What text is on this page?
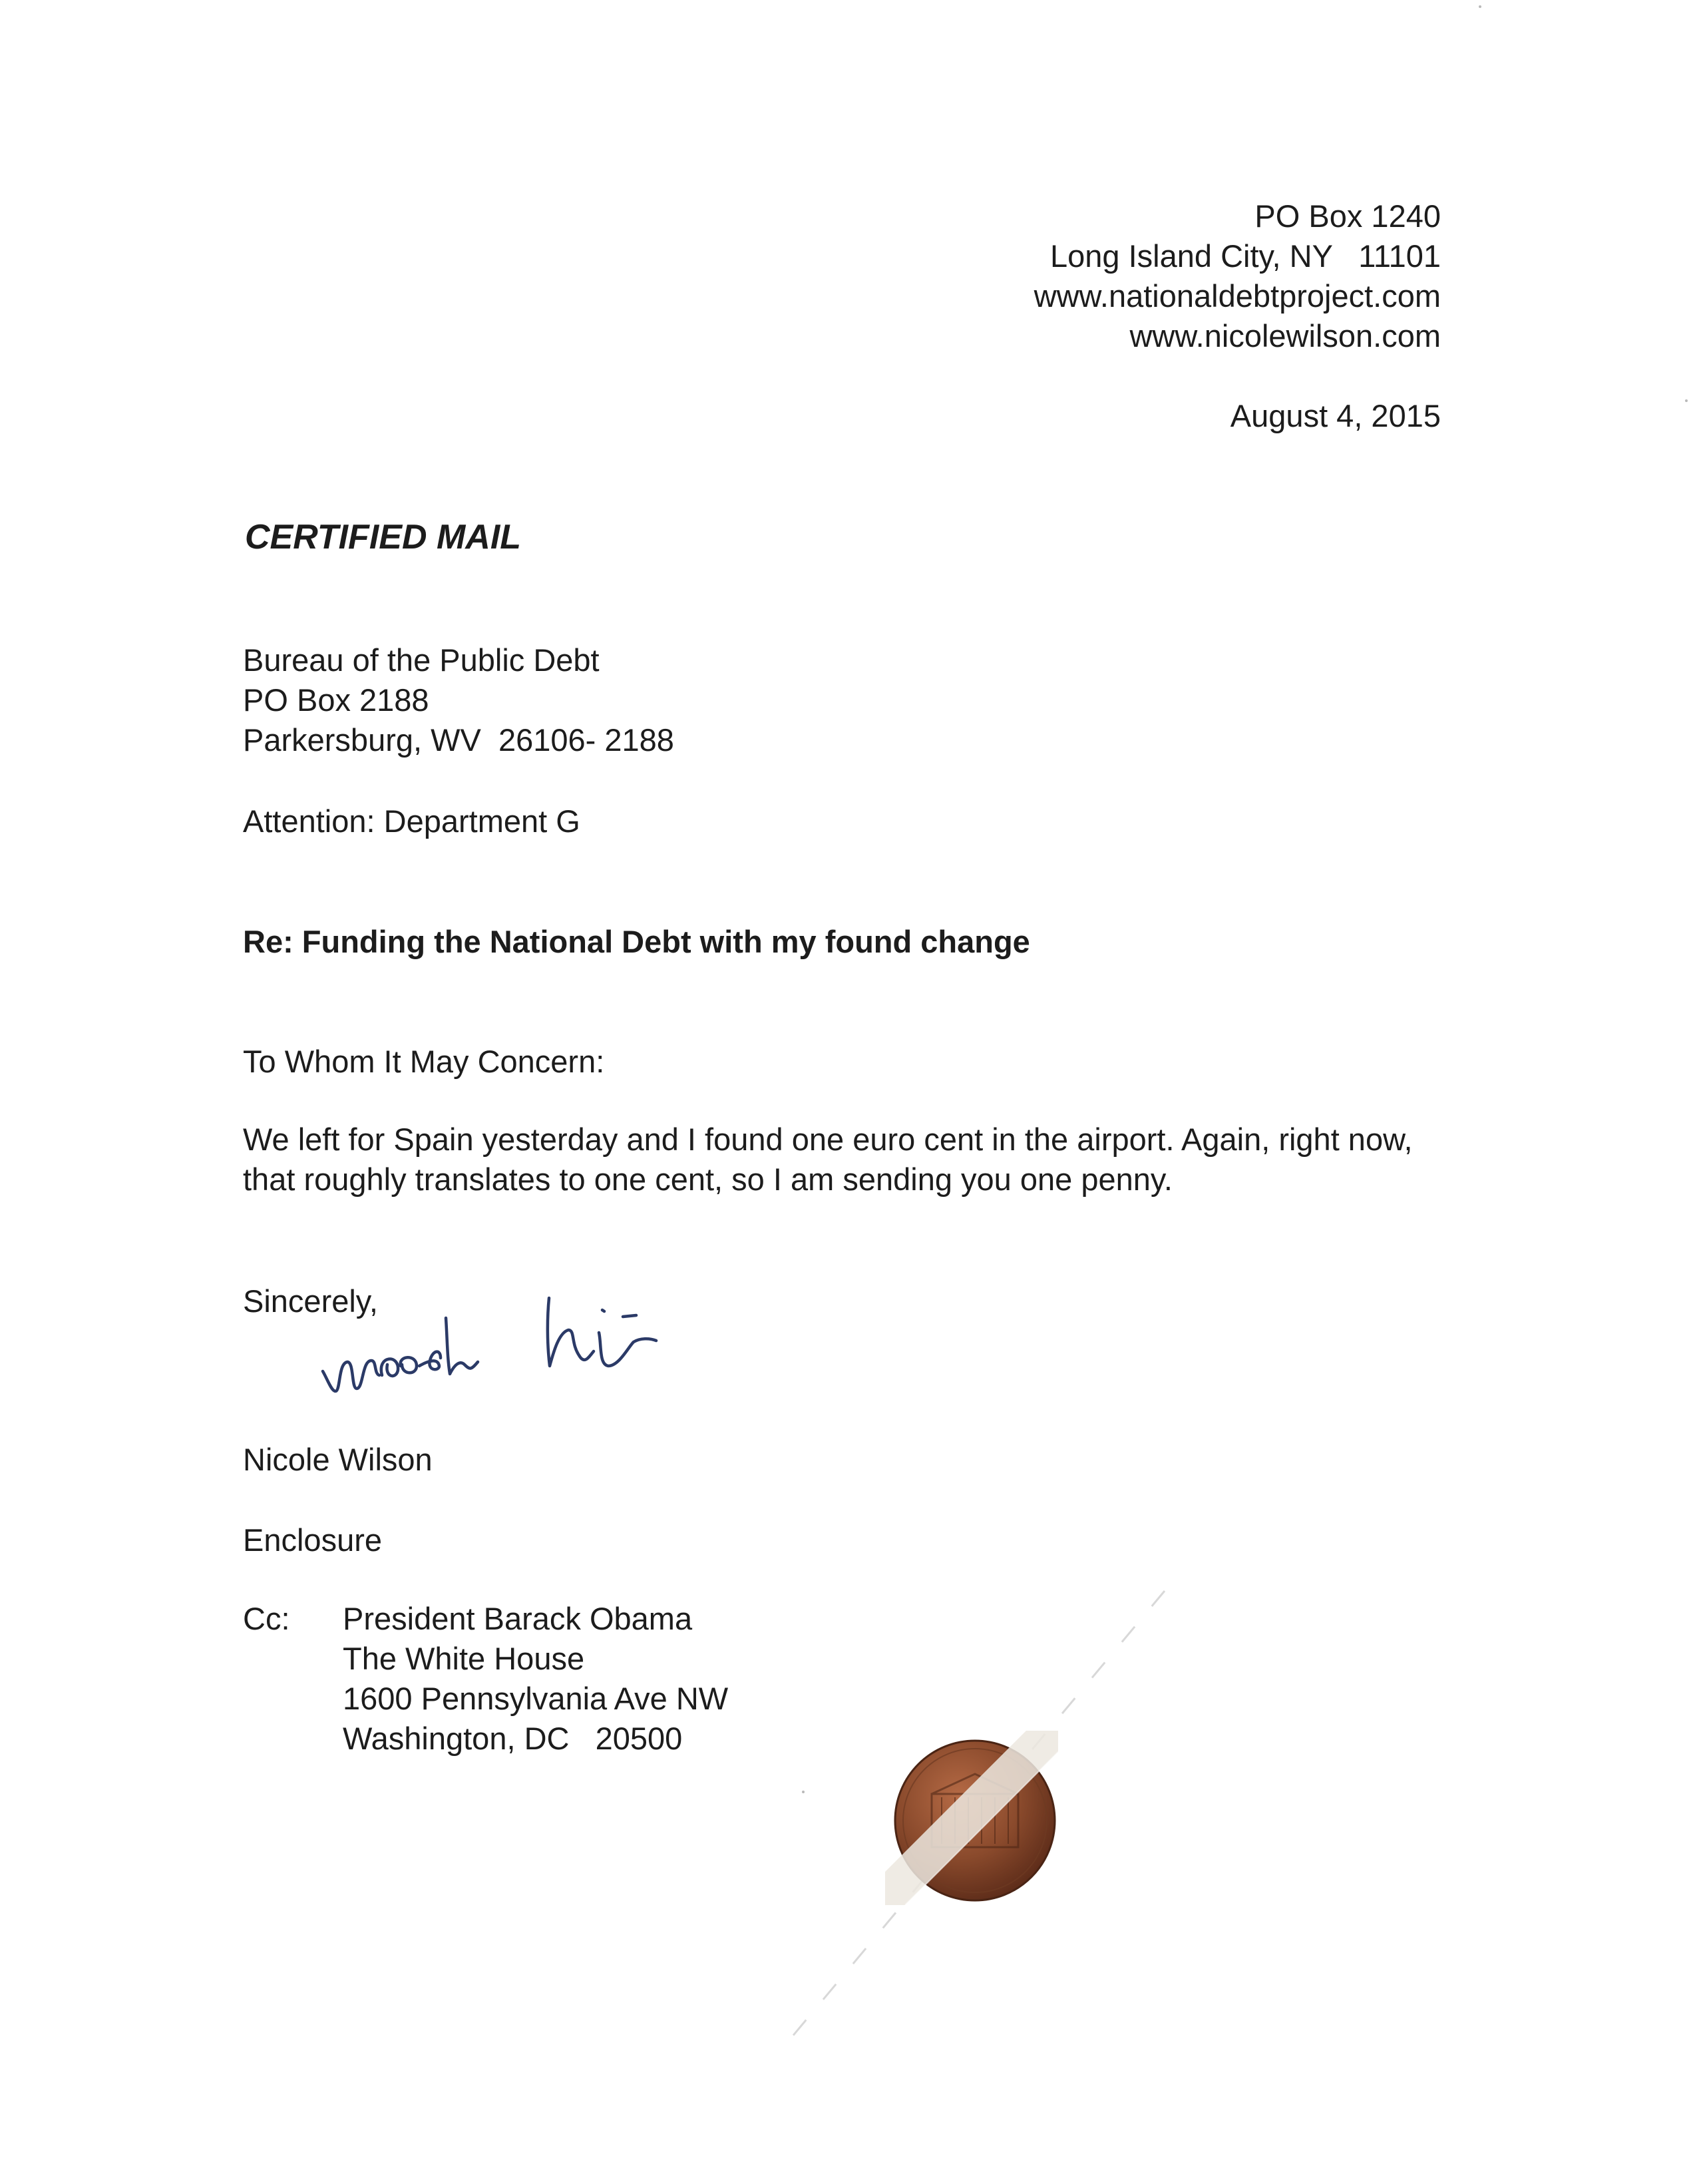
PO Box 1240
Long Island City, NY   11101
www.nationaldebtproject.com
www.nicolewilson.com
August 4, 2015
CERTIFIED MAIL
Bureau of the Public Debt
PO Box 2188
Parkersburg, WV  26106- 2188
Attention: Department G
Re: Funding the National Debt with my found change
To Whom It May Concern:
We left for Spain yesterday and I found one euro cent in the airport. Again, right now, that roughly translates to one cent, so I am sending you one penny.
Sincerely,
Nicole Wilson
Enclosure
Cc: President Barack Obama
The White House
1600 Pennsylvania Ave NW
Washington, DC   20500
